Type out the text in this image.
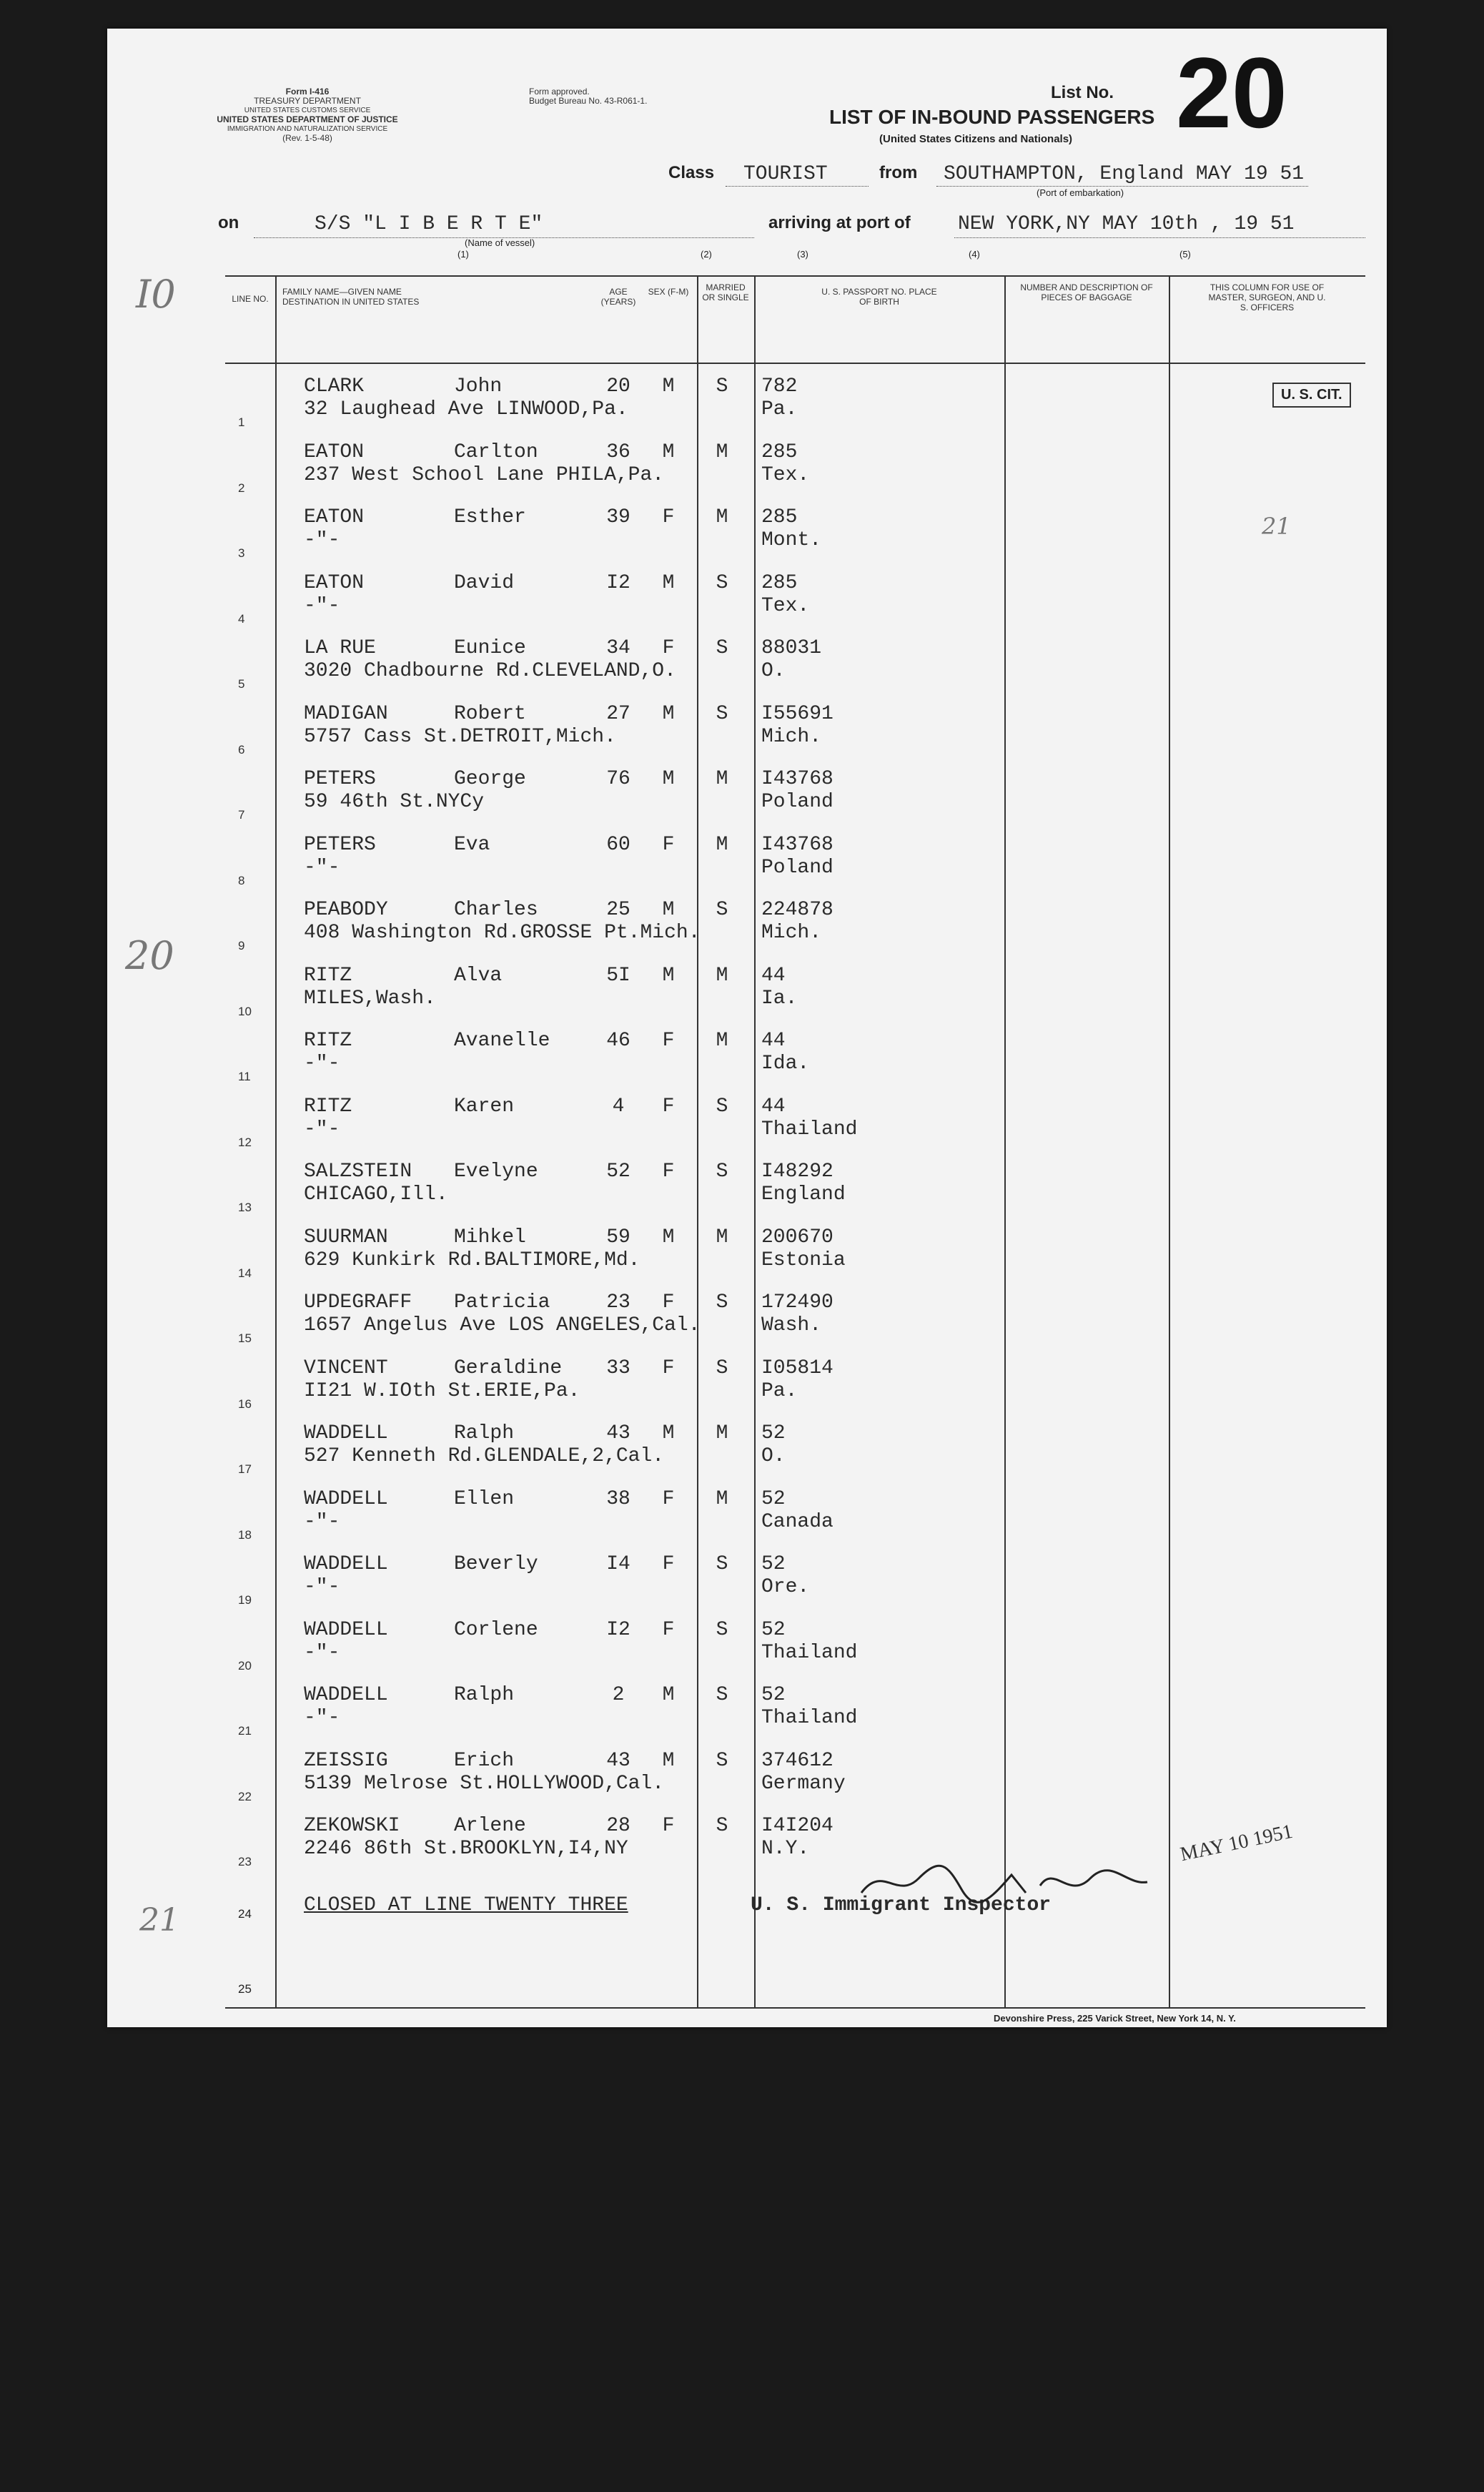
Form I-416
TREASURY DEPARTMENT
UNITED STATES CUSTOMS SERVICE
UNITED STATES DEPARTMENT OF JUSTICE
IMMIGRATION AND NATURALIZATION SERVICE
(Rev. 1-5-48)
Form approved.
Budget Bureau No. 43-R061-1.	List No. 20
LIST OF IN-BOUND PASSENGERS
(United States Citizens and Nationals)
Class TOURIST	from SOUTHAMPTON, England MAY 19 51
(Port of embarkation)
on	S/S "L I B E R T E"
(Name of vessel)
arriving at port of NEW YORK,NY MAY 10th , 19 51
(1)	(2)	(3)	(4)	(5)
I0
20
21
LINE NO.
FAMILY NAME—GIVEN NAME DESTINATION IN UNITED STATES
AGE (YEARS)
SEX (F-M)	MARRIED OR SINGLE
U. S. PASSPORT NO. PLACE OF BIRTH
NUMBER AND DESCRIPTION OF PIECES OF BAGGAGE
THIS COLUMN FOR USE OF MASTER, SURGEON, AND U. S. OFFICERS
1
CLARK	John	20	M	S	782
32 Laughead Ave LINWOOD,Pa.	Pa.
2
EATON	Carlton	36	M	M	285
237 West School Lane PHILA,Pa.	Tex.
3
EATON	Esther	39	F	M	285
-"-	Mont.
4
EATON	David	I2	M	S	285
-"-	Tex.
5
LA RUE	Eunice	34	F	S	88031
3020 Chadbourne Rd.CLEVELAND,O.	O.
6
MADIGAN	Robert	27	M	S	I55691
5757 Cass St.DETROIT,Mich.	Mich.
7
PETERS	George	76	M	M	I43768
59 46th St.NYCy	Poland
8
PETERS	Eva	60	F	M	I43768
-"-	Poland
9
PEABODY	Charles	25	M	S	224878
408 Washington Rd.GROSSE Pt.Mich.	Mich.
10
RITZ	Alva	5I	M	M	44
MILES,Wash.	Ia.
11
RITZ	Avanelle	46	F	M	44
-"-	Ida.
12
RITZ	Karen	4	F	S	44
-"-	Thailand
13
SALZSTEIN Evelyne	52	F	S	I48292
CHICAGO,Ill.	England
14
SUURMAN	Mihkel	59	M	M	200670
629 Kunkirk Rd.BALTIMORE,Md.	Estonia
15
UPDEGRAFF Patricia	23	F	S	172490
1657 Angelus Ave LOS ANGELES,Cal.	Wash.
16
VINCENT	Geraldine	33	F	S	I05814
II21 W.IOth St.ERIE,Pa.	Pa.
17
WADDELL	Ralph	43	M	M	52
527 Kenneth Rd.GLENDALE,2,Cal.	O.
18
WADDELL	Ellen	38	F	M	52
-"-	Canada
19
WADDELL	Beverly	I4	F	S	52
-"-	Ore.
20
WADDELL	Corlene	I2	F	S	52
-"-	Thailand
21
WADDELL	Ralph	2	M	S	52
-"-	Thailand
22
ZEISSIG	Erich	43	M	S	374612
5139 Melrose St.HOLLYWOOD,Cal.	Germany
23
ZEKOWSKI	Arlene	28	F	S	I4I204
2246 86th St.BROOKLYN,I4,NY	N.Y.
U. S. CIT.
21
24
25
CLOSED AT LINE TWENTY THREE	U. S. Immigrant Inspector
MAY 10 1951
Devonshire Press, 225 Varick Street, New York 14, N. Y.
